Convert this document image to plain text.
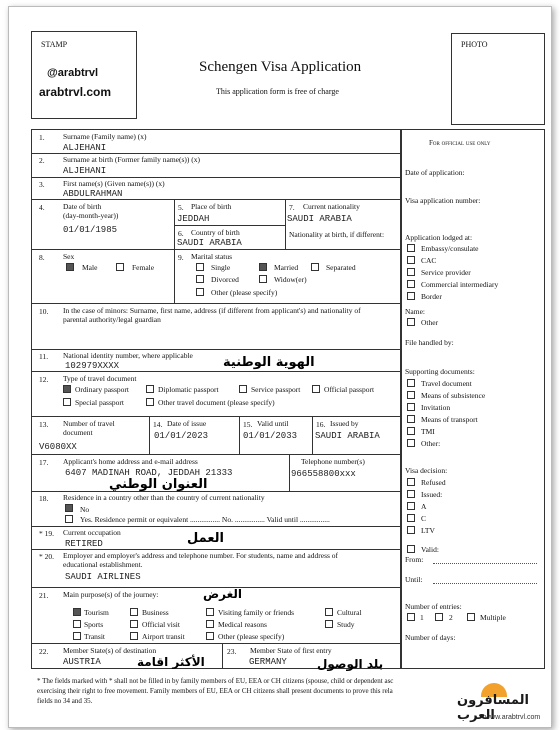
STAMP
@arabtrvl
arabtrvl.com
PHOTO
Schengen Visa Application
This application form is free of charge
1. Surname (Family name) (x)
ALJEHANI
2. Surname at birth (Former family name(s)) (x)
ALJEHANI
3. First name(s) (Given name(s)) (x)
ABDULRAHMAN
4. Date of birth
(day-month-year))
01/01/1985
5. Place of birth
JEDDAH
6. Country of birth
SAUDI ARABIA
7. Current nationality
SAUDI ARABIA
Nationality at birth, if different:
8. Sex
Male	Female
9. Marital status
Single	Married	Separated
Divorced	Widow(er)
Other (please specify)
10. In the case of minors: Surname, first name, address (if different from applicant's) and nationality of
parental authority/legal guardian
11. National identity number, where applicable
102979XXXX	الهوية الوطنية
12. Type of travel document
Ordinary passport	Diplomatic passport	Service passport	Official passport
Special passport	Other travel document (please specify)
13. Number of travel
document
V6080XX
14. Date of issue
01/01/2023
15. Valid until
01/01/2033
16. Issued by
SAUDI ARABIA
17. Applicant's home address and e-mail address
6407 MADINAH ROAD, JEDDAH 21333
العنوان الوطني
Telephone number(s)
966558800xxx
18. Residence in a country other than the country of current nationality
No
Yes. Residence permit or equivalent ................ No. ................ Valid until ................
* 19. Current occupation
RETIRED	العمل
* 20. Employer and employer's address and telephone number. For students, name and address of
educational establishment.
SAUDI AIRLINES
21. Main purpose(s) of the journey:	الغرض
Tourism	Business	Visiting family or friends	Cultural
Sports	Official visit	Medical reasons	Study
Transit	Airport transit	Other (please specify)
22. Member State(s) of destination
AUSTRIA	الأكثر اقامة
23. Member State of first entry
GERMANY	بلد الوصول
* The fields marked with * shall not be filled in by family members of EU, EEA or CH citizens (spouse, child or dependent asc
exercising their right to free movement. Family members of EU, EEA or CH citizens shall present documents to prove this rela
fields no 34 and 35.
For official use only
Date of application:
Visa application number:
Application lodged at:
Name:
Other
File handled by:
Supporting documents:
Visa decision:
Valid:
From:
Until:
Number of entries:
1	2	Multiple
Number of days:
المسافرون العرب
www.arabtrvl.com
Embassy/consulate
CAC
Service provider
Commercial intermediary
Border
Travel document
Means of subsistence
Invitation
Means of transport
TMI
Other:
Refused
Issued:
A
C
LTV
